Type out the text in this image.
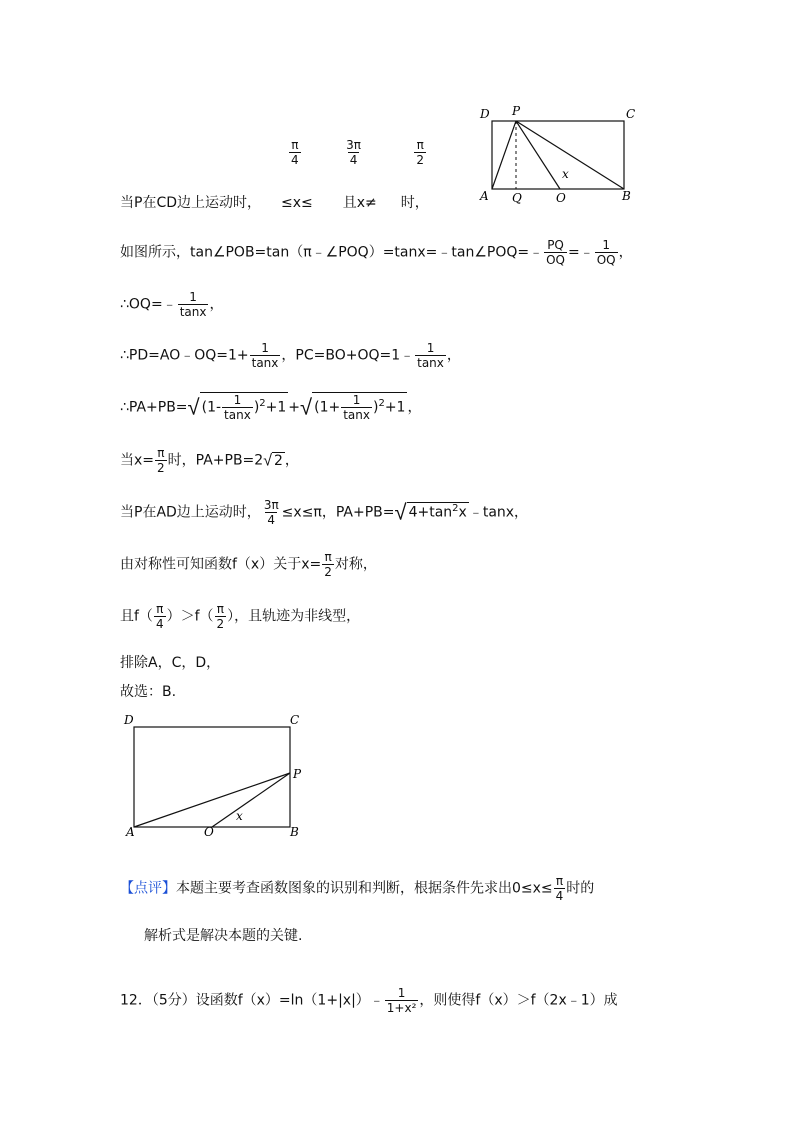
D P	C
A Q	O	B
x
$\frac{\pi}{4}$
	$\frac{3\pi}{4}$
	$\frac{\pi}{2}$
当P在CD边上运动时， ≤x≤ 且x≠ 时，
如图所示，tan∠POB=tan（π﹣∠POQ）=tanx=﹣tan∠POQ=﹣ $\frac{PQ}{OQ}$ =﹣ $\frac{1}{OQ}$ ，
∴OQ=﹣ $\frac{1}{\tan x}$ ，
∴PD=AO﹣OQ=1+ $\frac{1}{\tan x}$ ，PC=BO+OQ=1﹣ $\frac{1}{\tan x}$ ，
∴PA+PB=√ $(1- \frac{1}{\tan x} )^2+1$ +√ $(1+ \frac{1}{\tan x} )^2+1$ ，
当$x= \frac{\pi}{2}$ 时，PA+PB=2√ 2 ，
当P在AD边上运动时， $\frac{3\pi}{4} \le x\le\pi$，PA+PB=√ $4+\tan^2x$ ﹣tanx，
由对称性可知函数f（x）关于$x= \frac{\pi}{2}$ 对称，
且$f( \frac{\pi}{4} )>f( \frac{\pi}{2}$ ），且轨迹为非线型，
排除A，C，D，
故选：B.
D	C
P
A	O	B
x
【点评】本题主要考查函数图象的识别和判断，根据条件先求出$0\le x\le \frac{\pi}{4}$ 时的
解析式是解决本题的关键.
12．（5分）设函数f（x）=ln（1+|x|）﹣ $\frac{1}{\text{1+x²}}$ ，则使得f（x）＞f（2x﹣1）成
